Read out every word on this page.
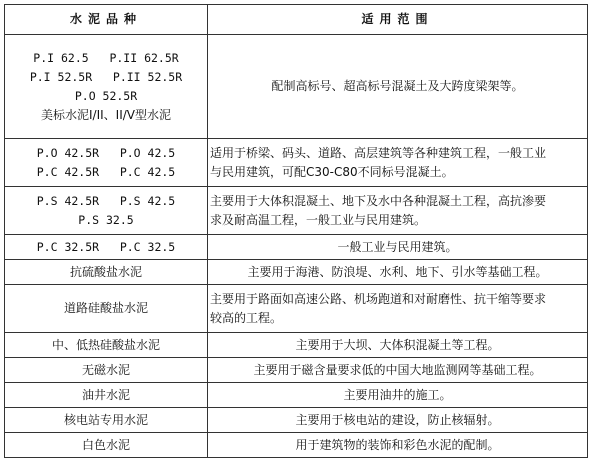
水泥品种	适用范围

P.I 62.5   P.II 62.5R
P.I 52.5R   P.II 52.5R
P.O 52.5R
美标水泥I/II、II/V型水泥	配制高标号、超高标号混凝土及大跨度梁架等。

P.O 42.5R   P.O 42.5
P.C 42.5R   P.C 42.5	适用于桥梁、码头、道路、高层建筑等各种建筑工程，一般工业
与民用建筑，可配C30-C80不同标号混凝土。

P.S 42.5R   P.S 42.5
P.S 32.5	主要用于大体积混凝土、地下及水中各种混凝土工程，高抗渗要
求及耐高温工程，一般工业与民用建筑。

P.C 32.5R   P.C 32.5	一般工业与民用建筑。

抗硫酸盐水泥	主要用于海港、防浪堤、水利、地下、引水等基础工程。

道路硅酸盐水泥	主要用于路面如高速公路、机场跑道和对耐磨性、抗干缩等要求
较高的工程。

中、低热硅酸盐水泥	主要用于大坝、大体积混凝土等工程。

无磁水泥	主要用于磁含量要求低的中国大地监测网等基础工程。

油井水泥	主要用油井的施工。

核电站专用水泥	主要用于核电站的建设，防止核辐射。

白色水泥	用于建筑物的装饰和彩色水泥的配制。
